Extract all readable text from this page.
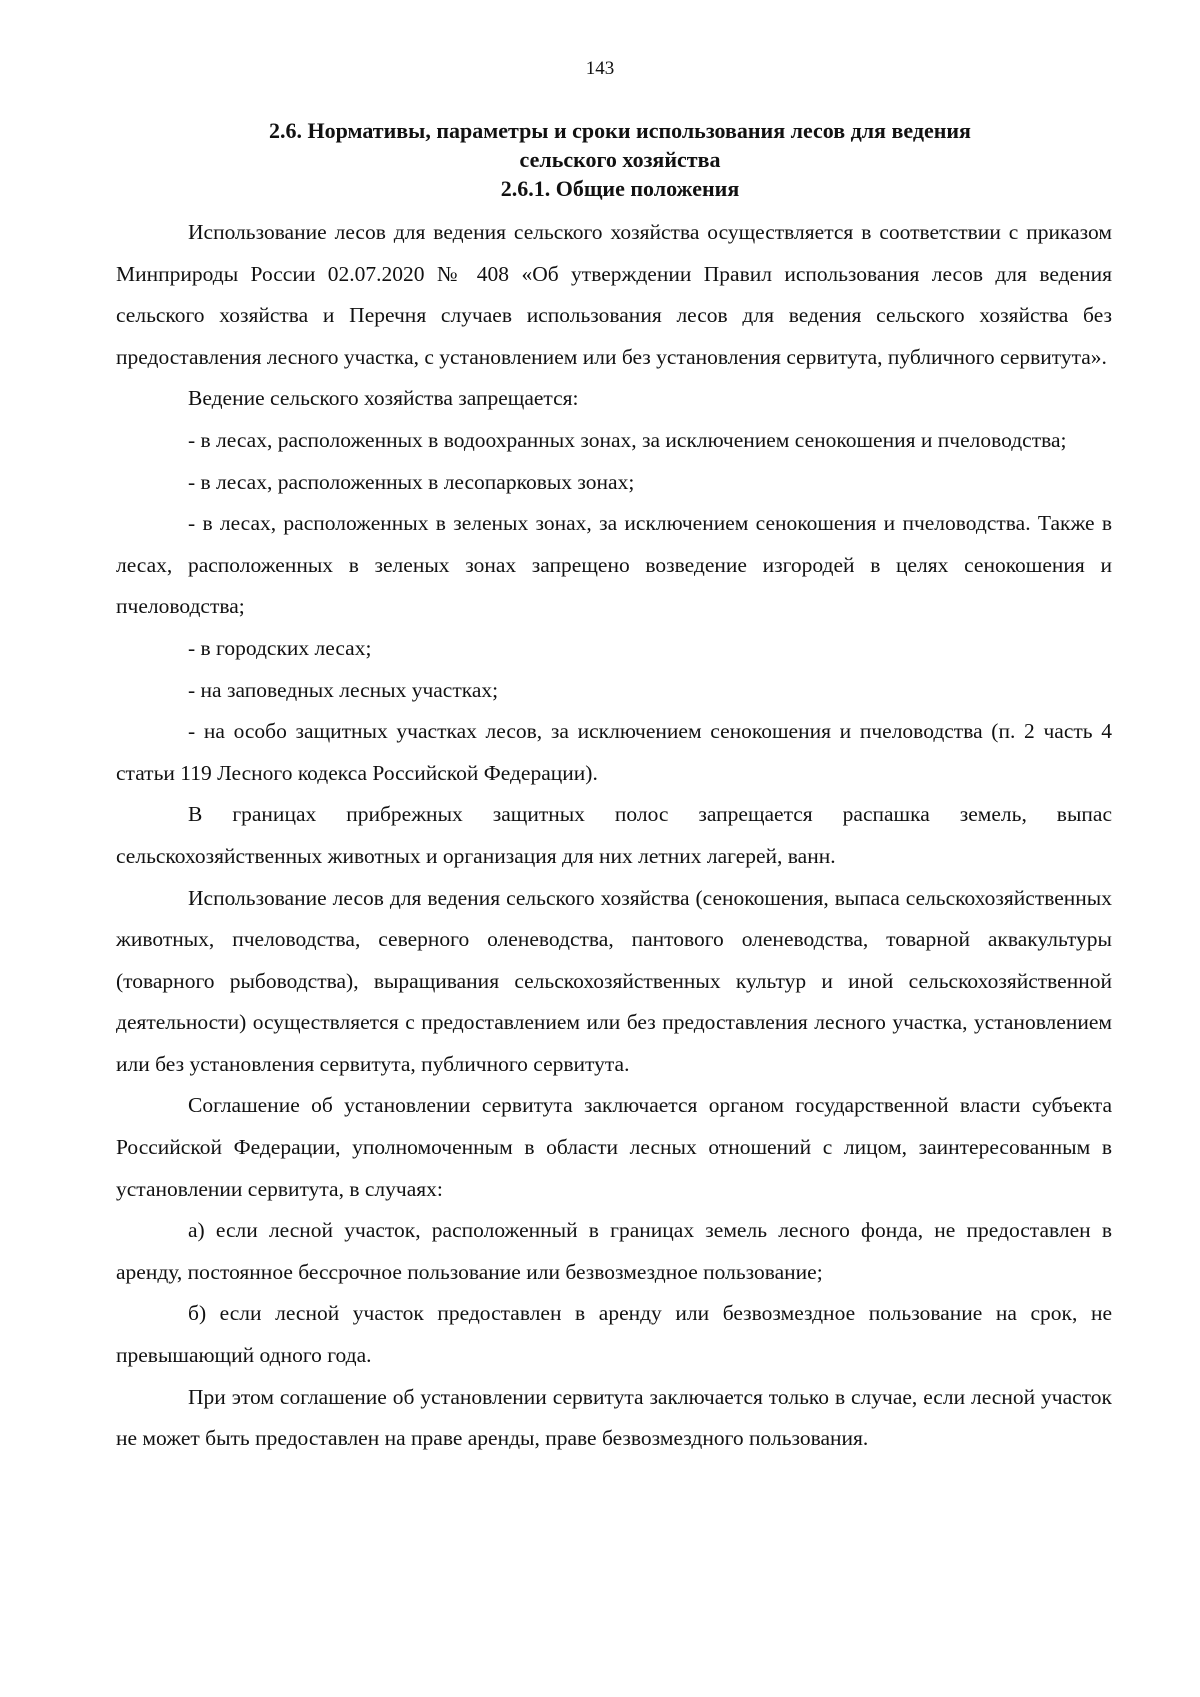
143
2.6. Нормативы, параметры и сроки использования лесов для ведения
сельского хозяйства
2.6.1. Общие положения

Использование лесов для ведения сельского хозяйства осуществляется в соответствии с приказом Минприроды России 02.07.2020 № 408 «Об утверждении Правил использования лесов для ведения сельского хозяйства и Перечня случаев использования лесов для ведения сельского хозяйства без предоставления лесного участка, с установлением или без установления сервитута, публичного сервитута».

Ведение сельского хозяйства запрещается:

- в лесах, расположенных в водоохранных зонах, за исключением сенокошения и пчеловодства;

- в лесах, расположенных в лесопарковых зонах;

- в лесах, расположенных в зеленых зонах, за исключением сенокошения и пчеловодства. Также в лесах, расположенных в зеленых зонах запрещено возведение изгородей в целях сенокошения и пчеловодства;

- в городских лесах;

- на заповедных лесных участках;

- на особо защитных участках лесов, за исключением сенокошения и пчеловодства (п. 2 часть 4 статьи 119 Лесного кодекса Российской Федерации).

В границах прибрежных защитных полос запрещается распашка земель, выпас сельскохозяйственных животных и организация для них летних лагерей, ванн.

Использование лесов для ведения сельского хозяйства (сенокошения, выпаса сельскохозяйственных животных, пчеловодства, северного оленеводства, пантового оленеводства, товарной аквакультуры (товарного рыбоводства), выращивания сельскохозяйственных культур и иной сельскохозяйственной деятельности) осуществляется с предоставлением или без предоставления лесного участка, установлением или без установления сервитута, публичного сервитута.

Соглашение об установлении сервитута заключается органом государственной власти субъекта Российской Федерации, уполномоченным в области лесных отношений с лицом, заинтересованным в установлении сервитута, в случаях:

а) если лесной участок, расположенный в границах земель лесного фонда, не предоставлен в аренду, постоянное бессрочное пользование или безвозмездное пользование;

б) если лесной участок предоставлен в аренду или безвозмездное пользование на срок, не превышающий одного года.

При этом соглашение об установлении сервитута заключается только в случае, если лесной участок не может быть предоставлен на праве аренды, праве безвозмездного пользования.
